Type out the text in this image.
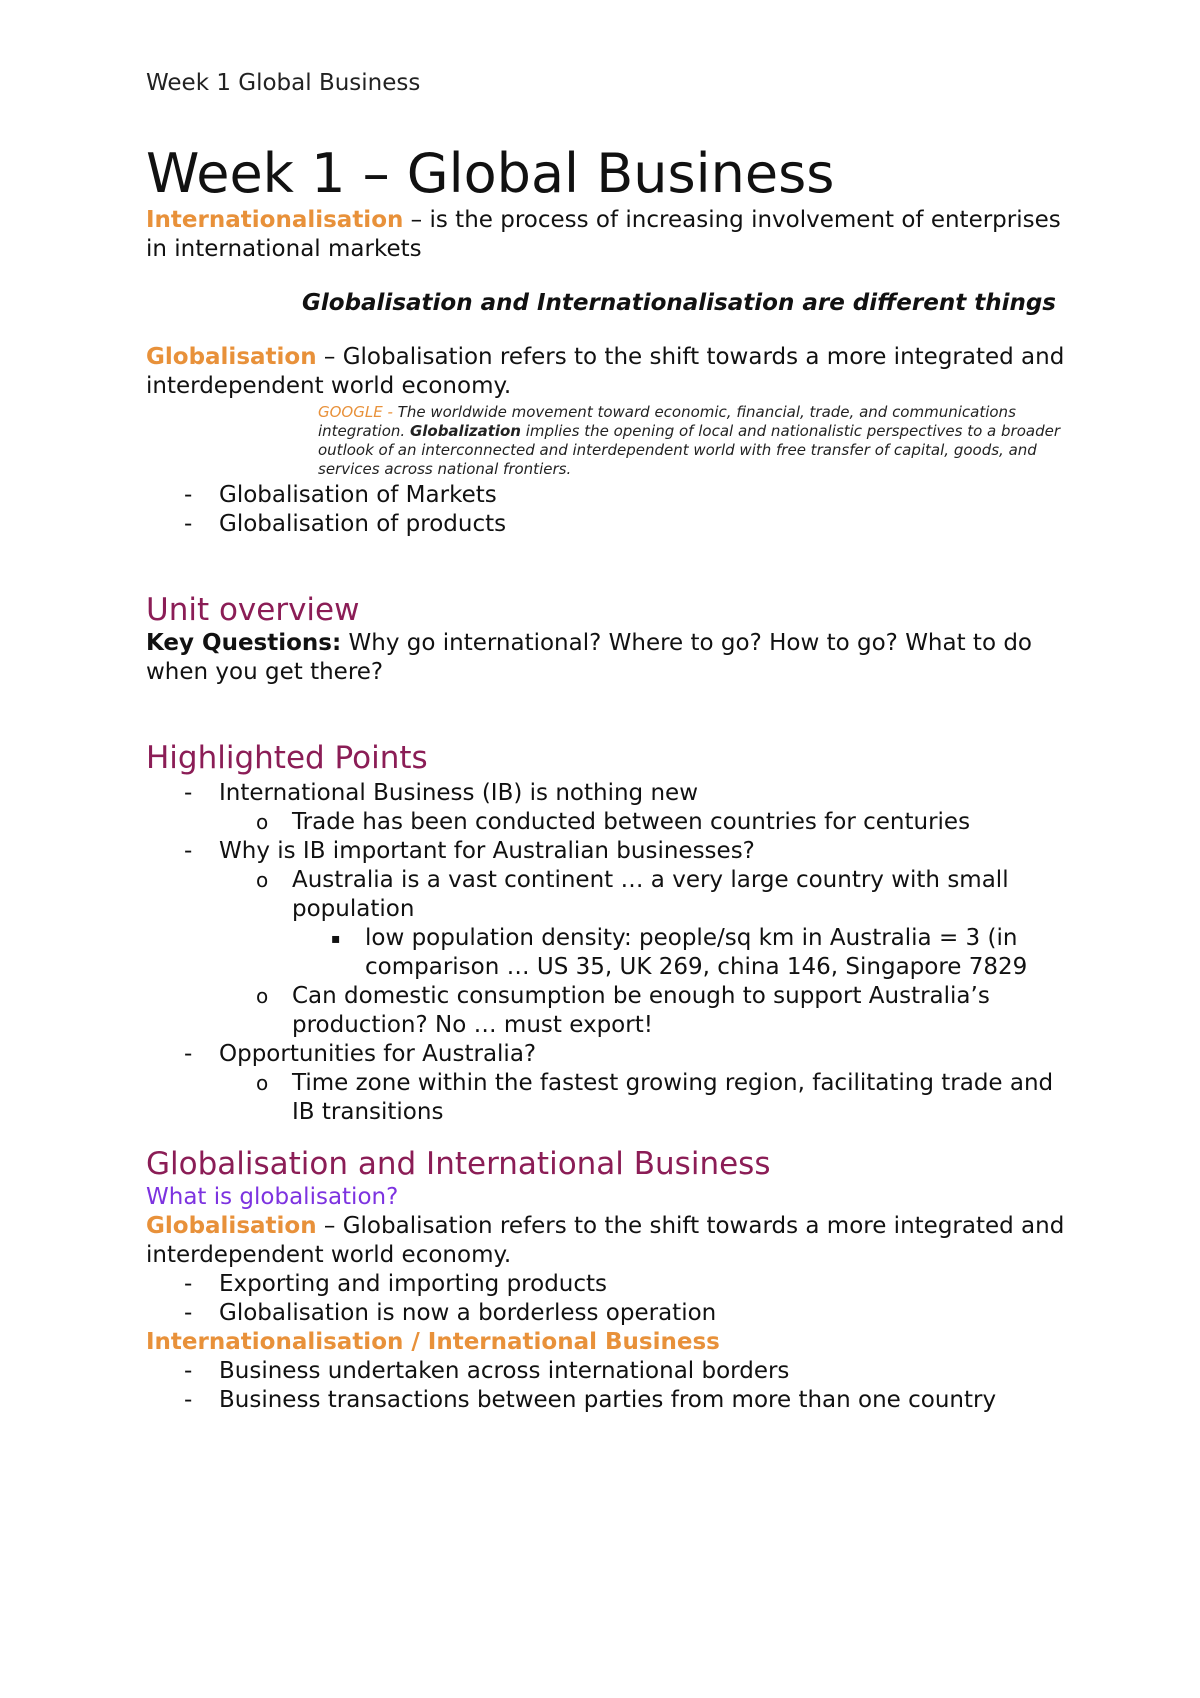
Week 1 Global Business
Week 1 – Global Business

Internationalisation – is the process of increasing involvement of enterprises in international markets

Globalisation and Internationalisation are different things

Globalisation – Globalisation refers to the shift towards a more integrated and interdependent world economy.

GOOGLE - The worldwide movement toward economic, financial, trade, and communications integration. Globalization implies the opening of local and nationalistic perspectives to a broader outlook of an interconnected and interdependent world with free transfer of capital, goods, and services across national frontiers.
- Globalisation of Markets
- Globalisation of products
Unit overview

Key Questions: Why go international? Where to go? How to go? What to do when you get there?

Highlighted Points
- International Business (IB) is nothing new
o Trade has been conducted between countries for centuries
- Why is IB important for Australian businesses?
o Australia is a vast continent … a very large country with small population
▪ low population density: people/sq km in Australia = 3 (in comparison … US 35, UK 269, china 146, Singapore 7829
o Can domestic consumption be enough to support Australia’s production? No … must export!
- Opportunities for Australia?
o Time zone within the fastest growing region, facilitating trade and IB transitions
Globalisation and International Business
What is globalisation?

Globalisation – Globalisation refers to the shift towards a more integrated and interdependent world economy.

- Exporting and importing products
- Globalisation is now a borderless operation

Internationalisation / International Business

- Business undertaken across international borders
- Business transactions between parties from more than one country
